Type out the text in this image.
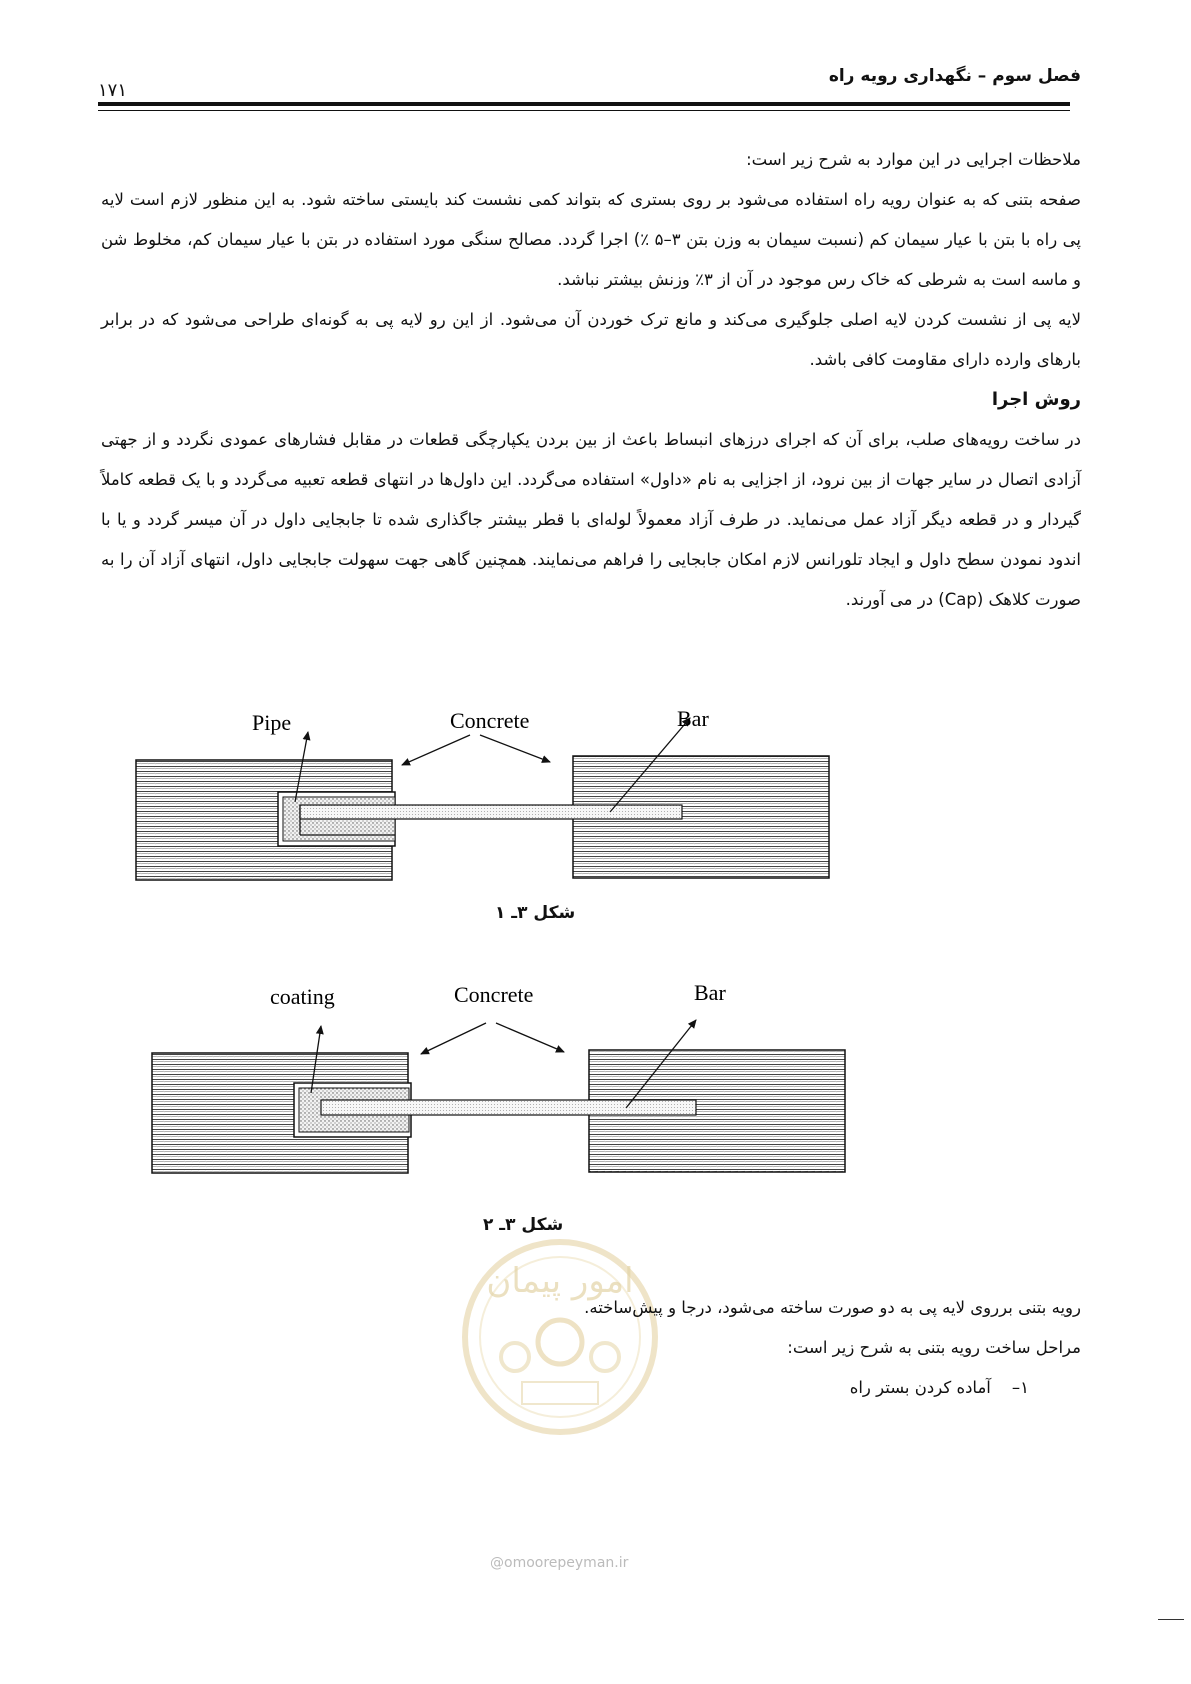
فصل سوم – نگهداری رویه راه
۱۷۱

ملاحظات اجرایی در این موارد به شرح زیر است:

صفحه بتنی که به عنوان رویه راه استفاده می‌شود بر روی بستری که بتواند کمی نشست کند بایستی ساخته شود. به این منظور لازم است لایه پی راه با بتن با عیار سیمان کم (نسبت سیمان به وزن بتن ۳–۵ ٪) اجرا گردد. مصالح سنگی مورد استفاده در بتن با عیار سیمان کم، مخلوط شن و ماسه است به شرطی که خاک رس موجود در آن از ۳٪ وزنش بیشتر نباشد.

لایه پی از نشست کردن لایه اصلی جلوگیری می‌کند و مانع ترک خوردن آن می‌شود. از این رو لایه پی به گونه‌ای طراحی می‌شود که در برابر بارهای وارده دارای مقاومت کافی باشد.

روش اجرا

در ساخت رویه‌های صلب، برای آن که اجرای درزهای انبساط باعث از بین بردن یکپارچگی قطعات در مقابل فشارهای عمودی نگردد و از جهتی آزادی اتصال در سایر جهات از بین نرود، از اجزایی به نام «داول» استفاده می‌گردد. این داول‌ها در انتهای قطعه تعبیه می‌گردد و با یک قطعه کاملاً گیردار و در قطعه دیگر آزاد عمل می‌نماید. در طرف آزاد معمولاً لوله‌ای با قطر بیشتر جاگذاری شده تا جابجایی داول در آن میسر گردد و یا با اندود نمودن سطح داول و ایجاد تلورانس لازم امکان جابجایی را فراهم می‌نمایند. همچنین گاهی جهت سهولت جابجایی داول، انتهای آزاد آن را به صورت کلاهک (Cap) در می آورند.

Pipe	Concrete	Bar
شکل ۳ـ ۱
coating	Concrete	Bar
شکل ۳ـ ۲
امور پیمان

رویه بتنی برروی لایه پی به دو صورت ساخته می‌شود، درجا و پیش‌ساخته.

مراحل ساخت رویه بتنی به شرح زیر است:

۱–    آماده کردن بستر راه
@omoorepeyman.ir
